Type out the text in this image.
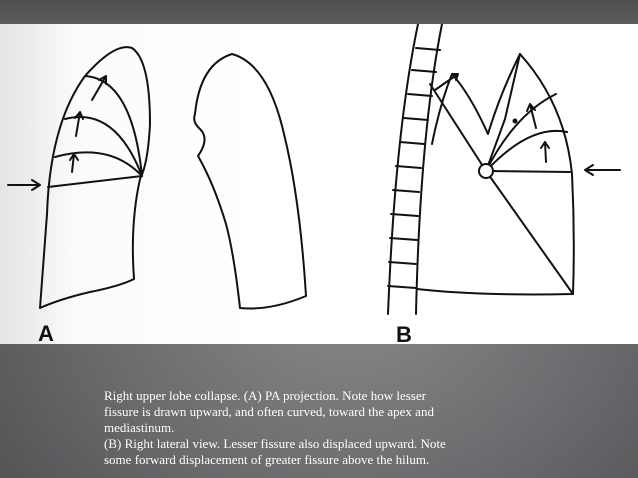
A	B
Right upper lobe collapse. (A) PA projection. Note how lesser
fissure is drawn upward, and often curved, toward the apex and
mediastinum.
(B) Right lateral view. Lesser fissure also displaced upward. Note
some forward displacement of greater fissure above the hilum.
